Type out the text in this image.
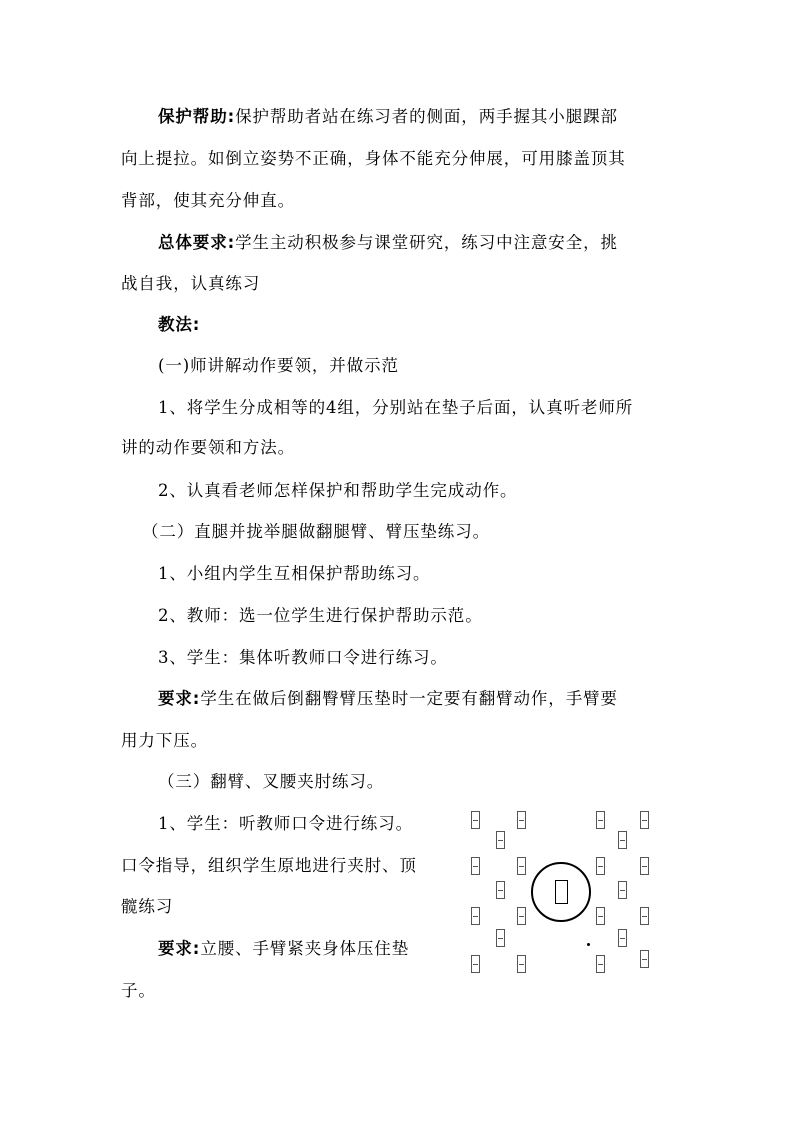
保护帮助:保护帮助者站在练习者的侧面，两手握其小腿踝部
向上提拉。如倒立姿势不正确，身体不能充分伸展，可用膝盖顶其
背部，使其充分伸直。
总体要求:学生主动积极参与课堂研究，练习中注意安全，挑
战自我，认真练习
教法:
(一)师讲解动作要领，并做示范
1、将学生分成相等的4组，分别站在垫子后面，认真听老师所
讲的动作要领和方法。
2、认真看老师怎样保护和帮助学生完成动作。
（二）直腿并拢举腿做翻腿臂、臂压垫练习。
1、小组内学生互相保护帮助练习。
2、教师：选一位学生进行保护帮助示范。
3、学生：集体听教师口令进行练习。
要求:学生在做后倒翻臀臂压垫时一定要有翻臂动作，手臂要
用力下压。
（三）翻臂、叉腰夹肘练习。
1、学生：听教师口令进行练习。
口令指导，组织学生原地进行夹肘、顶
髋练习
要求:立腰、手臂紧夹身体压住垫
子。
